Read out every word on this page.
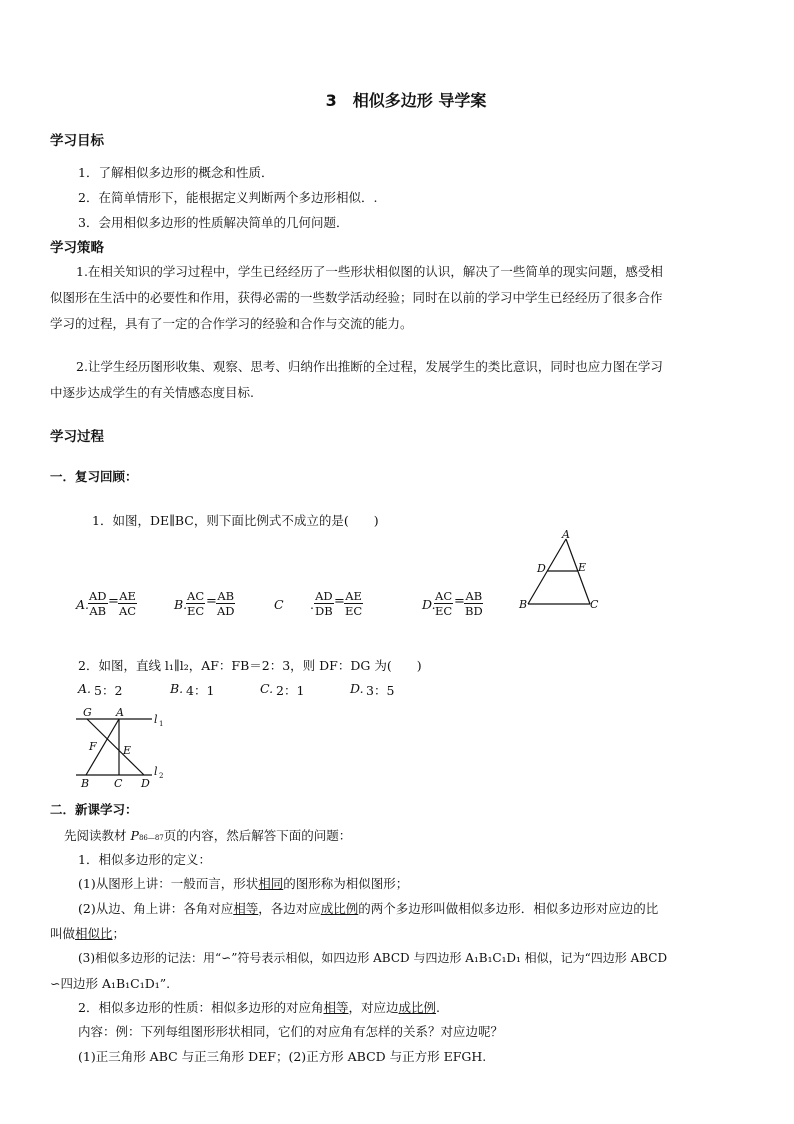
3　相似多边形 导学案
学习目标
1．了解相似多边形的概念和性质．
2．在简单情形下，能根据定义判断两个多边形相似．.
3．会用相似多边形的性质解决简单的几何问题．
学习策略
1.在相关知识的学习过程中，学生已经经历了一些形状相似图的认识，解决了一些简单的现实问题，感受相
似图形在生活中的必要性和作用，获得必需的一些数学活动经验；同时在以前的学习中学生已经经历了很多合作
学习的过程，具有了一定的合作学习的经验和合作与交流的能力。
2.让学生经历图形收集、观察、思考、归纳作出推断的全过程，发展学生的类比意识，同时也应力图在学习
中逐步达成学生的有关情感态度目标.
学习过程
一．复习回顾：
1．如图，DE∥BC，则下面比例式不成立的是(　　)
A.
$\frac{AD}{AB} = \frac{AE}{AC}$	B.
$\frac{AC}{EC} = \frac{AB}{AD}$	C . $\frac{AD}{DB} = \frac{AE}{EC}$	D.
$\frac{AC}{EC} = \frac{AB}{BD}$
A
D	E
B	C
2．如图，直线 l₁∥l₂，AF：FB＝2：3，则 DF：DG 为(　　)
A. 5：2	B. 4：1	C. 2：1	D. 3：5
G A
l 1
F E
B C D
l 2
二．新课学习：
先阅读教材 P86—87页的内容，然后解答下面的问题：
1．相似多边形的定义：
(1)从图形上讲：一般而言，形状相同的图形称为相似图形；
(2)从边、角上讲：各角对应相等，各边对应成比例的两个多边形叫做相似多边形．相似多边形对应边的比
叫做相似比；
(3)相似多边形的记法：用“∽”符号表示相似，如四边形 ABCD 与四边形 A₁B₁C₁D₁ 相似，记为“四边形 ABCD
∽四边形 A₁B₁C₁D₁”.
2．相似多边形的性质：相似多边形的对应角相等，对应边成比例.
内容：例：下列每组图形形状相同，它们的对应角有怎样的关系？对应边呢？
(1)正三角形 ABC 与正三角形 DEF；(2)正方形 ABCD 与正方形 EFGH.
